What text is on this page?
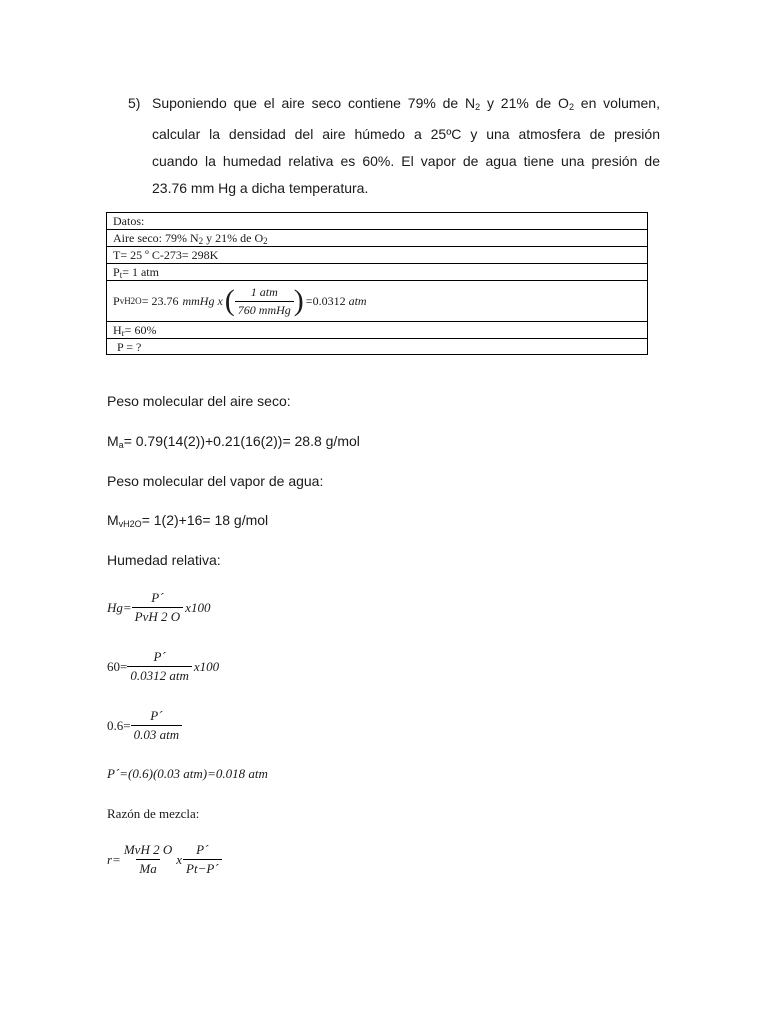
5) Suponiendo que el aire seco contiene 79% de $N_2$ y 21% de $O_2$ en volumen,
calcular la densidad del aire húmedo a 25ºC y una atmosfera de presión
cuando la humedad relativa es 60%. El vapor de agua tiene una presión de
23.76 mm Hg a dicha temperatura.
Datos:
Aire seco: 79% $N_2$ y 21% de $O_2$
T= 25 º C-273= 298K
$P_t= 1$ atm
P vH2O = 23.76 mmHg x ( $\frac{\text{1 atm}}{\text{760 mmHg}}$ ) =0.0312 atm
$H_r= 60\%$
P = ?
Peso molecular del aire seco:
$M_a= 0.79(14(2))+0.21(16(2))= 28.8$ g/mol
Peso molecular del vapor de agua:
$M_{vH2O}= 1(2)+16= 18$ g/mol
Humedad relativa:
$Hg= \frac{P´}{\text{PvH 2 O}} x100$
$60= \frac{P´}{\text{0.0312 atm}} x100$
$0.6= \frac{P´}{\text{0.03 atm}}$
P´=(0.6)(0.03 atm)=0.018 atm
Razón de mezcla:
$r= \frac{\text{MvH 2 O}}{Ma}$ x $\frac{P´}{Pt-P´}$
